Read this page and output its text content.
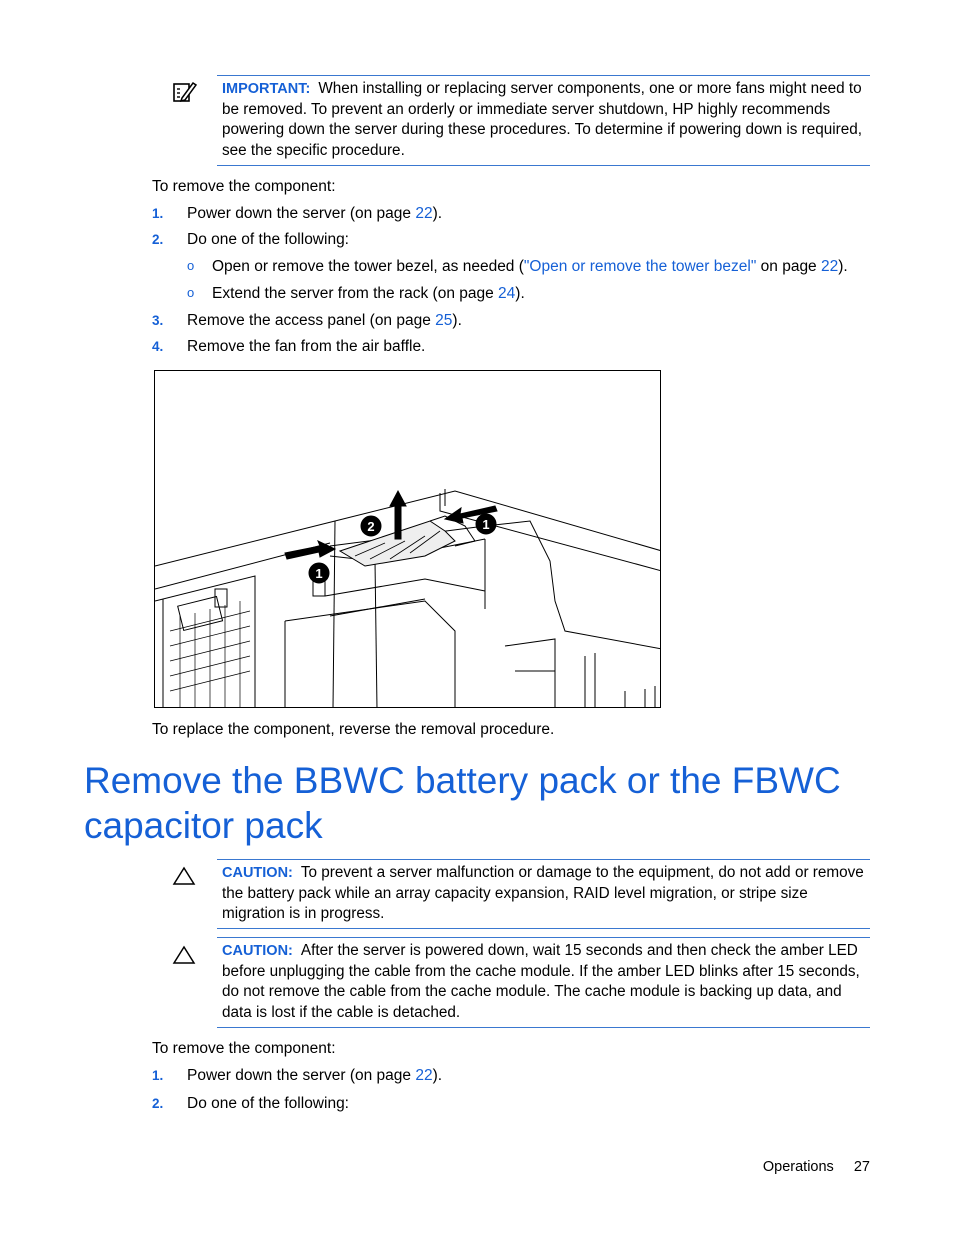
IMPORTANT: When installing or replacing server components, one or more fans might need to be removed. To prevent an orderly or immediate server shutdown, HP highly recommends powering down the server during these procedures. To determine if powering down is required, see the specific procedure.
To remove the component:
1. Power down the server (on page 22).
2. Do one of the following:
o Open or remove the tower bezel, as needed ("Open or remove the tower bezel" on page 22).
o Extend the server from the rack (on page 24).
3. Remove the access panel (on page 25).
4. Remove the fan from the air baffle.
1
2	1
To replace the component, reverse the removal procedure.
Remove the BBWC battery pack or the FBWC capacitor pack
CAUTION: To prevent a server malfunction or damage to the equipment, do not add or remove the battery pack while an array capacity expansion, RAID level migration, or stripe size migration is in progress.
CAUTION: After the server is powered down, wait 15 seconds and then check the amber LED before unplugging the cable from the cache module. If the amber LED blinks after 15 seconds, do not remove the cable from the cache module. The cache module is backing up data, and data is lost if the cable is detached.
To remove the component:
1. Power down the server (on page 22).
2. Do one of the following:
Operations 27
